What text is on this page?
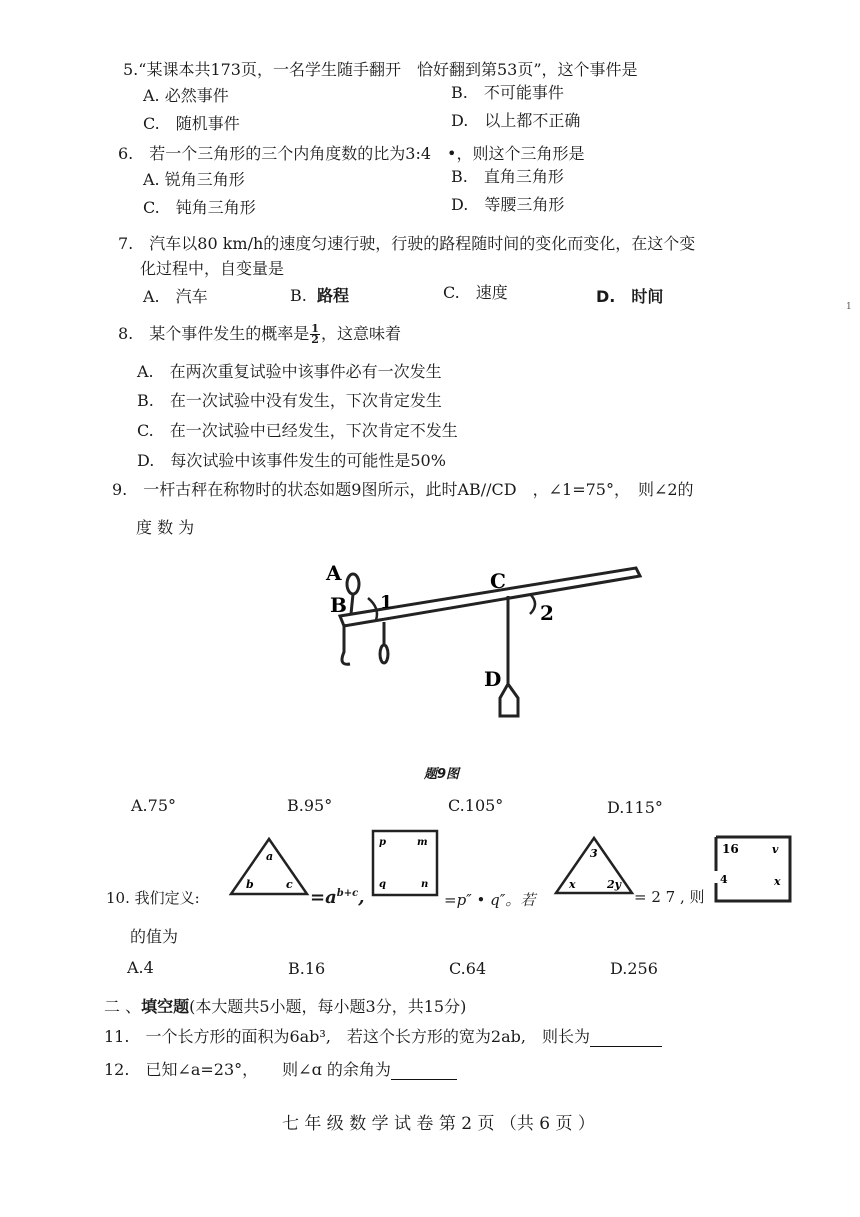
5.“某课本共173页，一名学生随手翻开　恰好翻到第53页”，这个事件是
A. 必然事件	B.　不可能事件
C.　随机事件	D.　以上都不正确
6.　若一个三角形的三个内角度数的比为3:4　•，则这个三角形是
A. 锐角三角形	B.　直角三角形
C.　钝角三角形	D.　等腰三角形
7.　汽车以80 km/h的速度匀速行驶，行驶的路程随时间的变化而变化，在这个变
化过程中，自变量是
A.　汽车	B. 路程	C.　速度	D.　时间
1
8.　某个事件发生的概率是 $\frac{1}{2}$ ，这意味着
A.　在两次重复试验中该事件必有一次发生
B.　在一次试验中没有发生，下次肯定发生
C.　在一次试验中已经发生，下次肯定不发生
D.　每次试验中该事件发生的可能性是50%
9.　一杆古秤在称物时的状态如题9图所示，此时AB//CD　，∠1=75°，　则∠2的
度 数 为
A
B 1
C
2
D
题9图
A.75°	B.95°	C.105°	D.115°
10. 我们定义:
a
b	c
$=a^{b+c}$,
p	m
q	n
=p″ • q″。若
3
x	2y
= 2 7 , 则
16	v
4	x
的值为
A.4	B.16	C.64	D.256
二 、填空题(本大题共5小题，每小题3分，共15分)
11.　一个长方形的面积为6ab³,　若这个长方形的宽为2ab,　则长为
12.　已知∠a=23°，　　则∠ɑ 的余角为
七 年 级 数 学 试 卷 第 2 页 （共 6 页 ）
